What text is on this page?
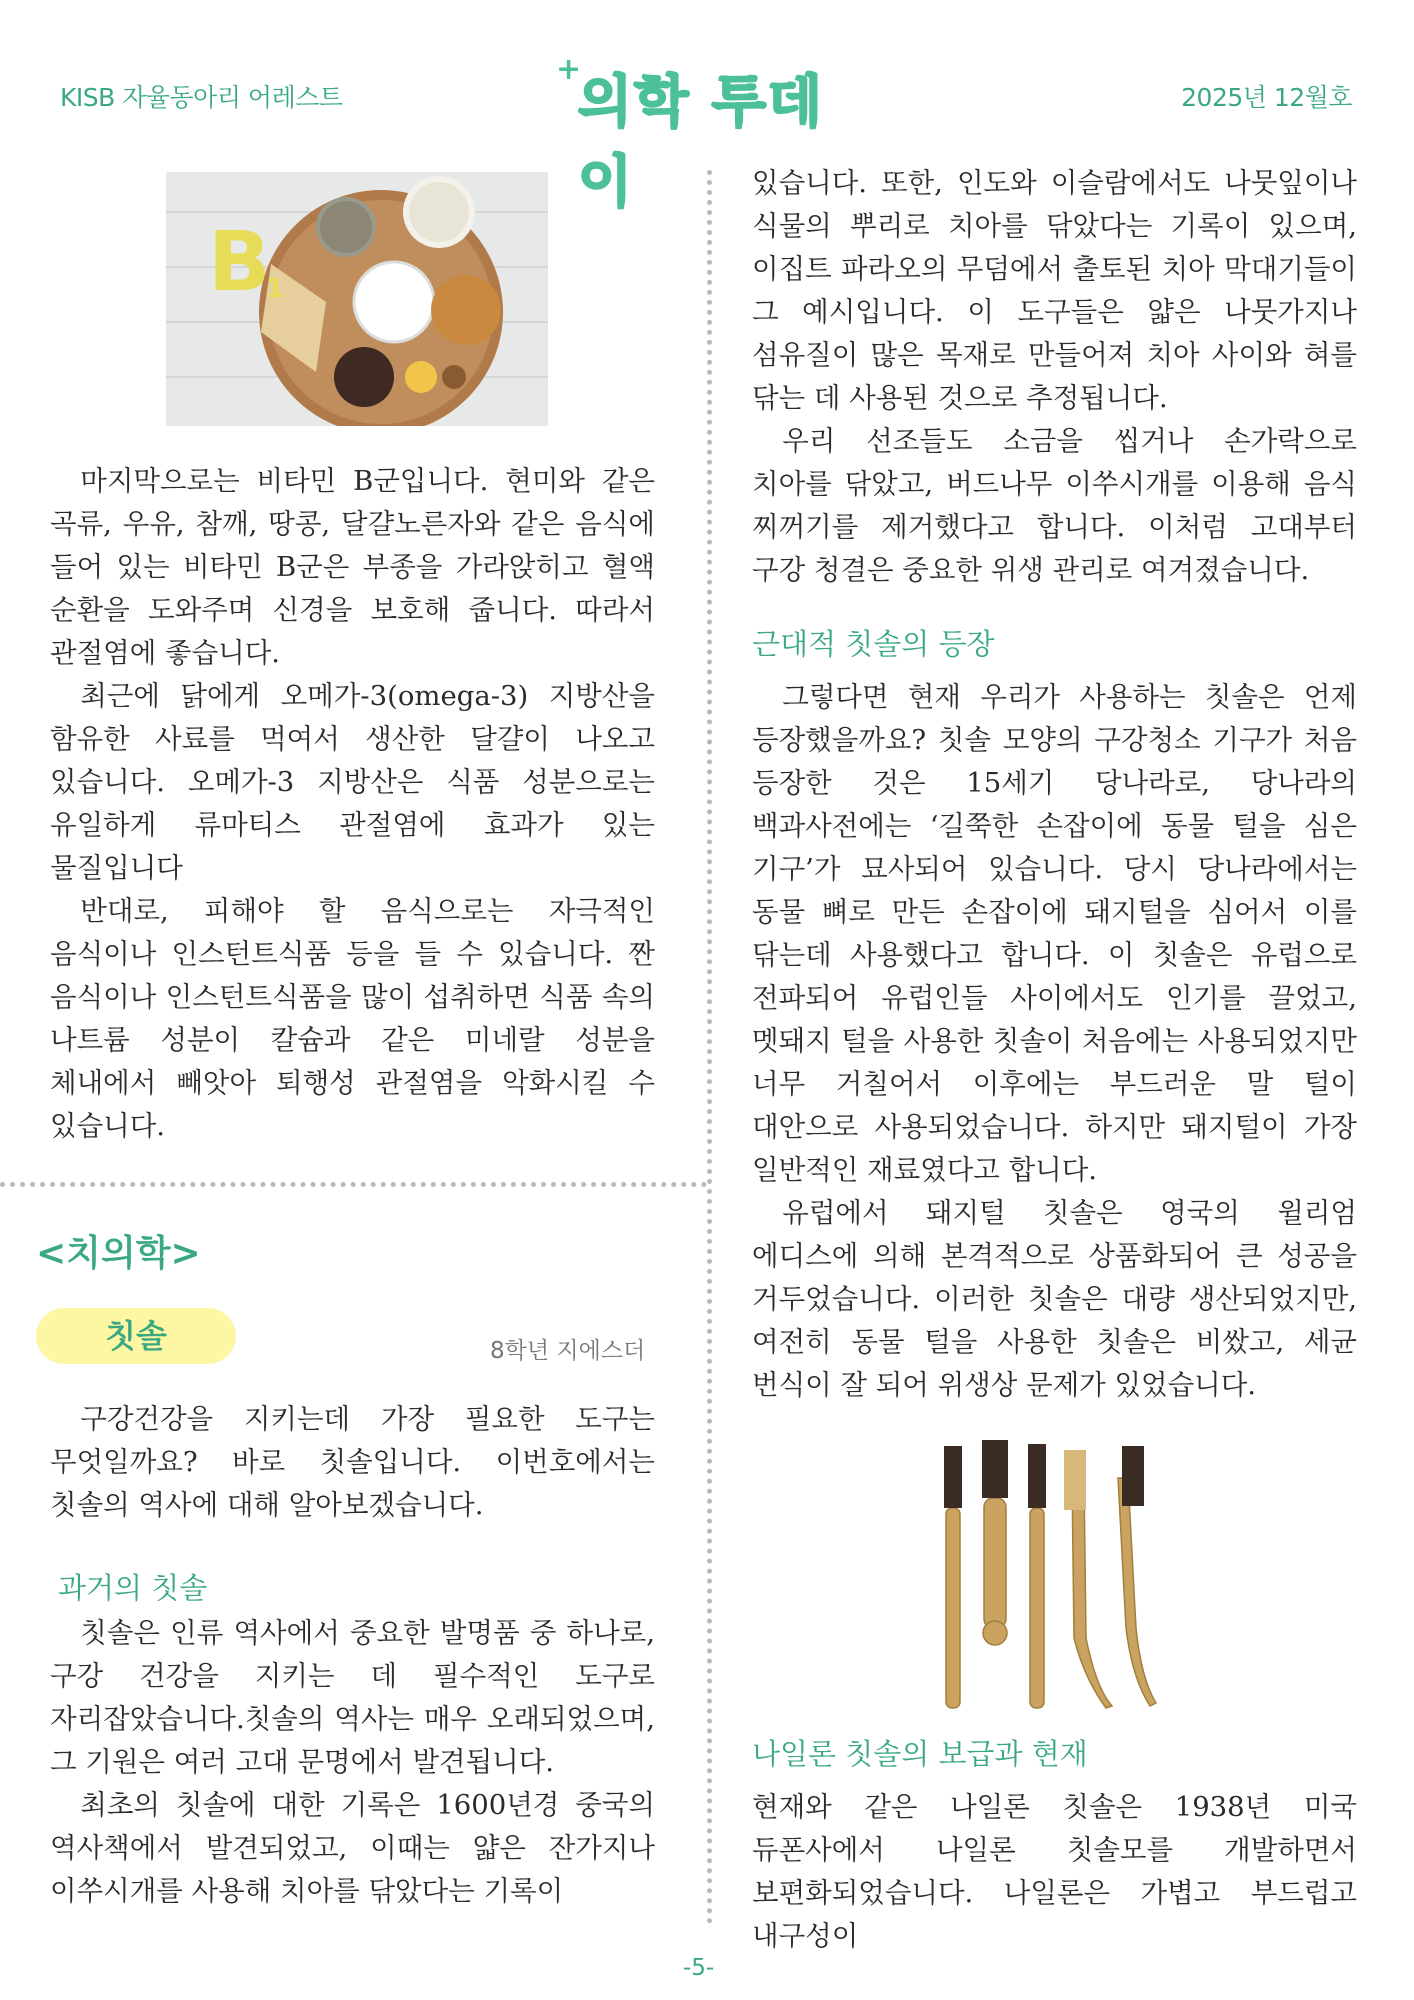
KISB 자율동아리 어레스트
+
의학 투데이
2025년 12월호
B
1

마지막으로는 비타민 B군입니다. 현미와 같은 곡류, 우유, 참깨, 땅콩, 달걀노른자와 같은 음식에 들어 있는 비타민 B군은 부종을 가라앉히고 혈액 순환을 도와주며 신경을 보호해 줍니다. 따라서 관절염에 좋습니다.

최근에 닭에게 오메가-3(omega-3) 지방산을 함유한 사료를 먹여서 생산한 달걀이 나오고 있습니다. 오메가-3 지방산은 식품 성분으로는 유일하게 류마티스 관절염에 효과가 있는 물질입니다

반대로, 피해야 할 음식으로는 자극적인 음식이나 인스턴트식품 등을 들 수 있습니다. 짠 음식이나 인스턴트식품을 많이 섭취하면 식품 속의 나트륨 성분이 칼슘과 같은 미네랄 성분을 체내에서 빼앗아 퇴행성 관절염을 악화시킬 수 있습니다.

<치의학>
칫솔	8학년 지에스더

구강건강을 지키는데 가장 필요한 도구는 무엇일까요? 바로 칫솔입니다. 이번호에서는 칫솔의 역사에 대해 알아보겠습니다.

과거의 칫솔

칫솔은 인류 역사에서 중요한 발명품 중 하나로, 구강 건강을 지키는 데 필수적인 도구로 자리잡았습니다.칫솔의 역사는 매우 오래되었으며, 그 기원은 여러 고대 문명에서 발견됩니다.

최초의 칫솔에 대한 기록은 1600년경 중국의 역사책에서 발견되었고, 이때는 얇은 잔가지나 이쑤시개를 사용해 치아를 닦았다는 기록이

있습니다. 또한, 인도와 이슬람에서도 나뭇잎이나 식물의 뿌리로 치아를 닦았다는 기록이 있으며, 이집트 파라오의 무덤에서 출토된 치아 막대기들이 그 예시입니다. 이 도구들은 얇은 나뭇가지나 섬유질이 많은 목재로 만들어져 치아 사이와 혀를 닦는 데 사용된 것으로 추정됩니다.

우리 선조들도 소금을 씹거나 손가락으로 치아를 닦았고, 버드나무 이쑤시개를 이용해 음식 찌꺼기를 제거했다고 합니다. 이처럼 고대부터 구강 청결은 중요한 위생 관리로 여겨졌습니다.

근대적 칫솔의 등장

그렇다면 현재 우리가 사용하는 칫솔은 언제 등장했을까요? 칫솔 모양의 구강청소 기구가 처음 등장한 것은 15세기 당나라로, 당나라의 백과사전에는 ‘길쭉한 손잡이에 동물 털을 심은 기구’가 묘사되어 있습니다. 당시 당나라에서는 동물 뼈로 만든 손잡이에 돼지털을 심어서 이를 닦는데 사용했다고 합니다. 이 칫솔은 유럽으로 전파되어 유럽인들 사이에서도 인기를 끌었고, 멧돼지 털을 사용한 칫솔이 처음에는 사용되었지만 너무 거칠어서 이후에는 부드러운 말 털이 대안으로 사용되었습니다. 하지만 돼지털이 가장 일반적인 재료였다고 합니다.

유럽에서 돼지털 칫솔은 영국의 윌리엄 에디스에 의해 본격적으로 상품화되어 큰 성공을 거두었습니다. 이러한 칫솔은 대량 생산되었지만, 여전히 동물 털을 사용한 칫솔은 비쌌고, 세균 번식이 잘 되어 위생상 문제가 있었습니다.

나일론 칫솔의 보급과 현재

현재와 같은 나일론 칫솔은 1938년 미국 듀폰사에서 나일론 칫솔모를 개발하면서 보편화되었습니다. 나일론은 가볍고 부드럽고 내구성이

-5-
